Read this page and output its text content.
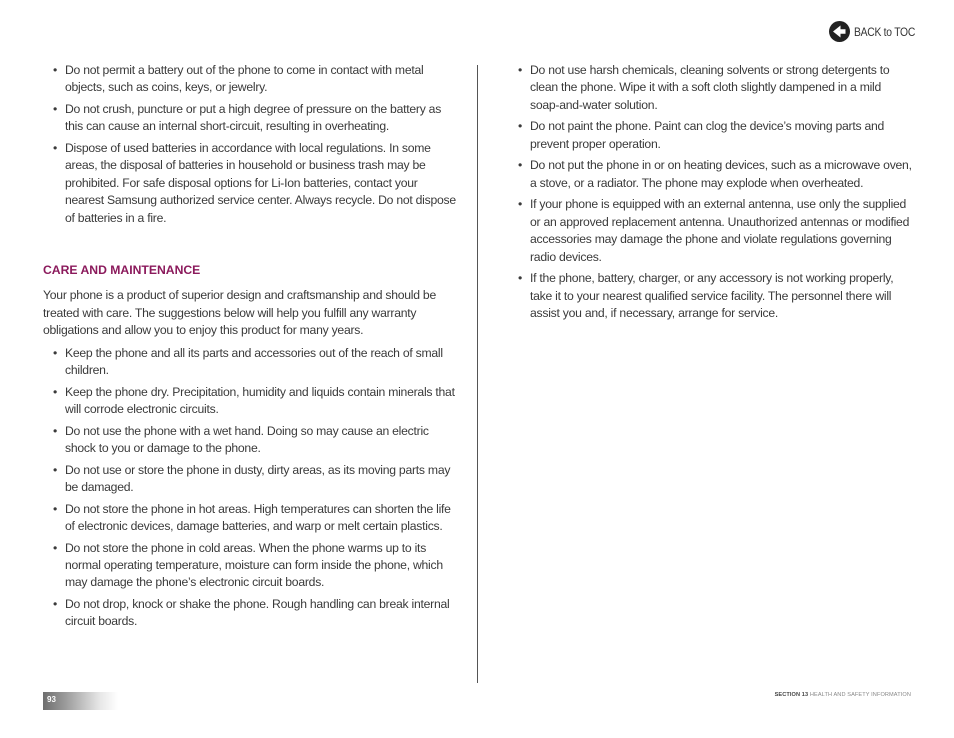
BACK to TOC
• Do not permit a battery out of the phone to come in contact with metal objects, such as coins, keys, or jewelry.
• Do not crush, puncture or put a high degree of pressure on the battery as this can cause an internal short-circuit, resulting in overheating.
• Dispose of used batteries in accordance with local regulations. In some areas, the disposal of batteries in household or business trash may be prohibited. For safe disposal options for Li-Ion batteries, contact your nearest Samsung authorized service center. Always recycle. Do not dispose of batteries in a fire.
CARE AND MAINTENANCE

Your phone is a product of superior design and craftsmanship and should be treated with care. The suggestions below will help you fulfill any warranty obligations and allow you to enjoy this product for many years.

• Keep the phone and all its parts and accessories out of the reach of small children.
• Keep the phone dry. Precipitation, humidity and liquids contain minerals that will corrode electronic circuits.
• Do not use the phone with a wet hand. Doing so may cause an electric shock to you or damage to the phone.
• Do not use or store the phone in dusty, dirty areas, as its moving parts may be damaged.
• Do not store the phone in hot areas. High temperatures can shorten the life of electronic devices, damage batteries, and warp or melt certain plastics.
• Do not store the phone in cold areas. When the phone warms up to its normal operating temperature, moisture can form inside the phone, which may damage the phone’s electronic circuit boards.
• Do not drop, knock or shake the phone. Rough handling can break internal circuit boards.
• Do not use harsh chemicals, cleaning solvents or strong detergents to clean the phone. Wipe it with a soft cloth slightly dampened in a mild soap-and-water solution.
• Do not paint the phone. Paint can clog the device’s moving parts and prevent proper operation.
• Do not put the phone in or on heating devices, such as a microwave oven, a stove, or a radiator. The phone may explode when overheated.
• If your phone is equipped with an external antenna, use only the supplied or an approved replacement antenna. Unauthorized antennas or modified accessories may damage the phone and violate regulations governing radio devices.
• If the phone, battery, charger, or any accessory is not working properly, take it to your nearest qualified service facility. The personnel there will assist you and, if necessary, arrange for service.
93	SECTION 13 HEALTH AND SAFETY INFORMATION
